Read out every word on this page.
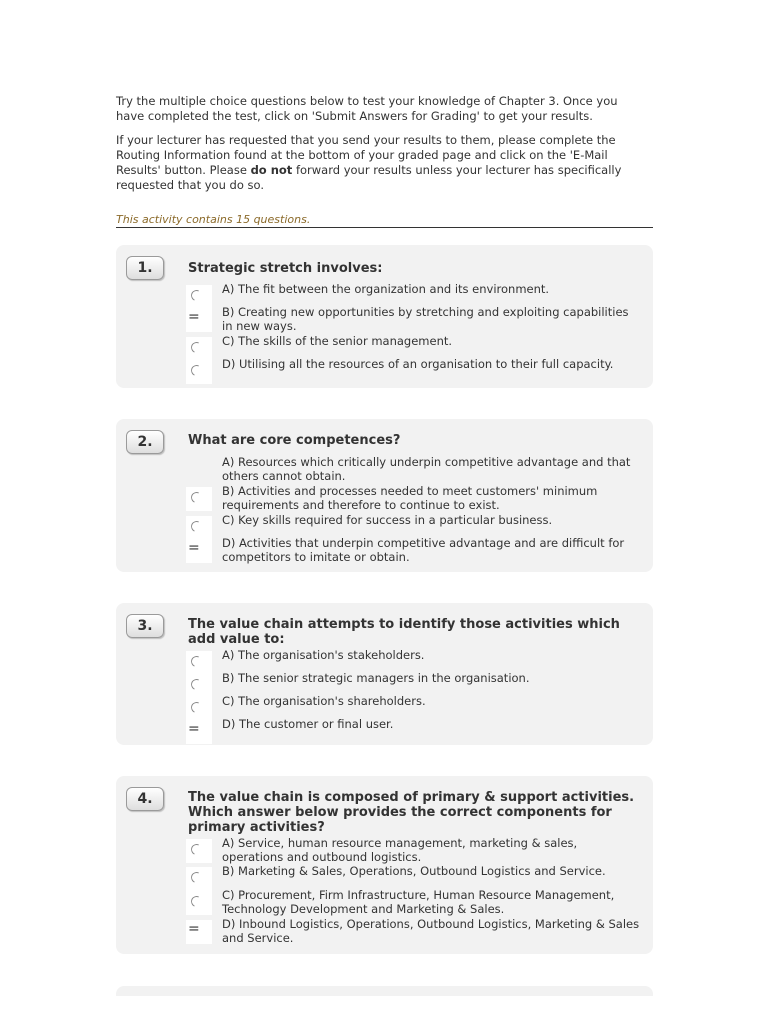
Try the multiple choice questions below to test your knowledge of Chapter 3. Once you have completed the test, click on 'Submit Answers for Grading' to get your results.

If your lecturer has requested that you send your results to them, please complete the Routing Information found at the bottom of your graded page and click on the 'E-Mail Results' button. Please do not forward your results unless your lecturer has specifically requested that you do so.

This activity contains 15 questions.
1.	Strategic stretch involves:
A) The fit between the organization and its environment.
= B) Creating new opportunities by stretching and exploiting capabilities in new ways.
C) The skills of the senior management.
D) Utilising all the resources of an organisation to their full capacity.
2.	What are core competences?
A) Resources which critically underpin competitive advantage and that others cannot obtain.
B) Activities and processes needed to meet customers' minimum requirements and therefore to continue to exist.
C) Key skills required for success in a particular business.
= D) Activities that underpin competitive advantage and are difficult for competitors to imitate or obtain.
3.	The value chain attempts to identify those activities which add value to:
A) The organisation's stakeholders.
B) The senior strategic managers in the organisation.
C) The organisation's shareholders.
= D) The customer or final user.
4.	The value chain is composed of primary & support activities. Which answer below provides the correct components for primary activities?
A) Service, human resource management, marketing & sales, operations and outbound logistics.
B) Marketing & Sales, Operations, Outbound Logistics and Service.
C) Procurement, Firm Infrastructure, Human Resource Management, Technology Development and Marketing & Sales.
= D) Inbound Logistics, Operations, Outbound Logistics, Marketing & Sales and Service.
